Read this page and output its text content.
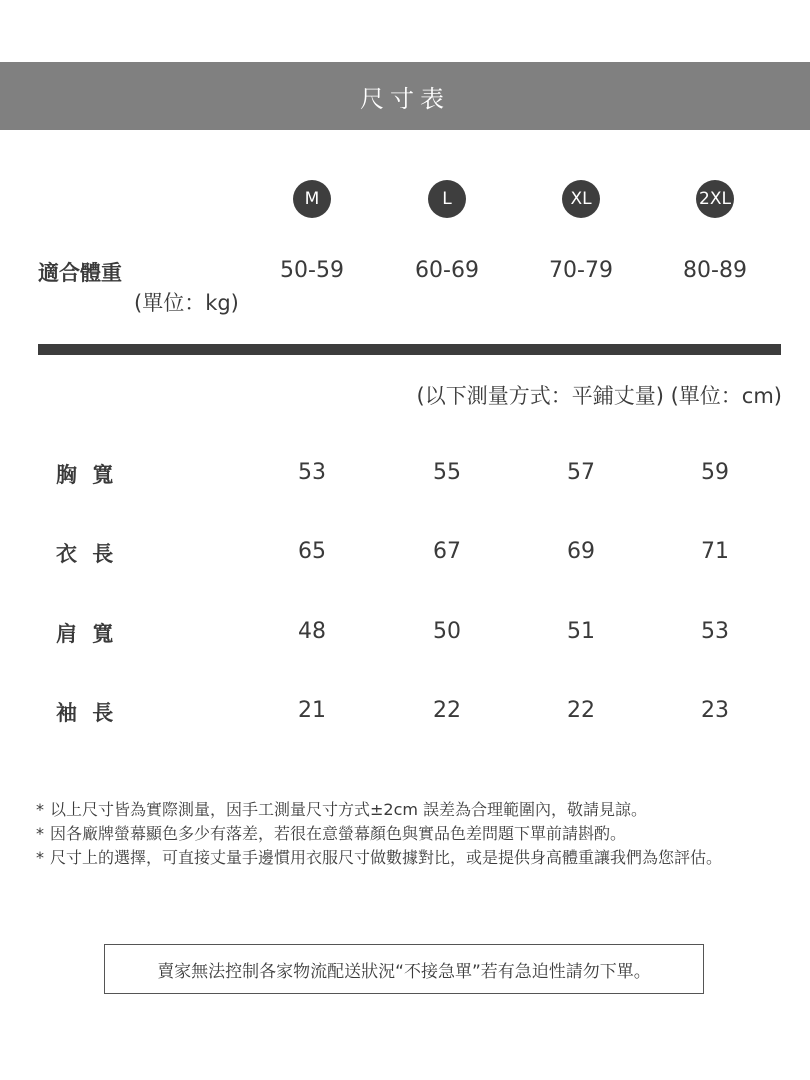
尺寸表
M	L	XL	2XL
適合體重
(單位：kg)
50-59	60-69	70-79	80-89
(以下測量方式：平鋪丈量) (單位：cm)
胸 寬	53	55	57	59
衣 長	65	67	69	71
肩 寬	48	50	51	53
袖 長	21	22	22	23
* 以上尺寸皆為實際測量，因手工測量尺寸方式±2cm 誤差為合理範圍內，敬請見諒。
* 因各廠牌螢幕顯色多少有落差，若很在意螢幕顏色與實品色差問題下單前請斟酌。
* 尺寸上的選擇，可直接丈量手邊慣用衣服尺寸做數據對比，或是提供身高體重讓我們為您評估。
賣家無法控制各家物流配送狀況“不接急單”若有急迫性請勿下單。
